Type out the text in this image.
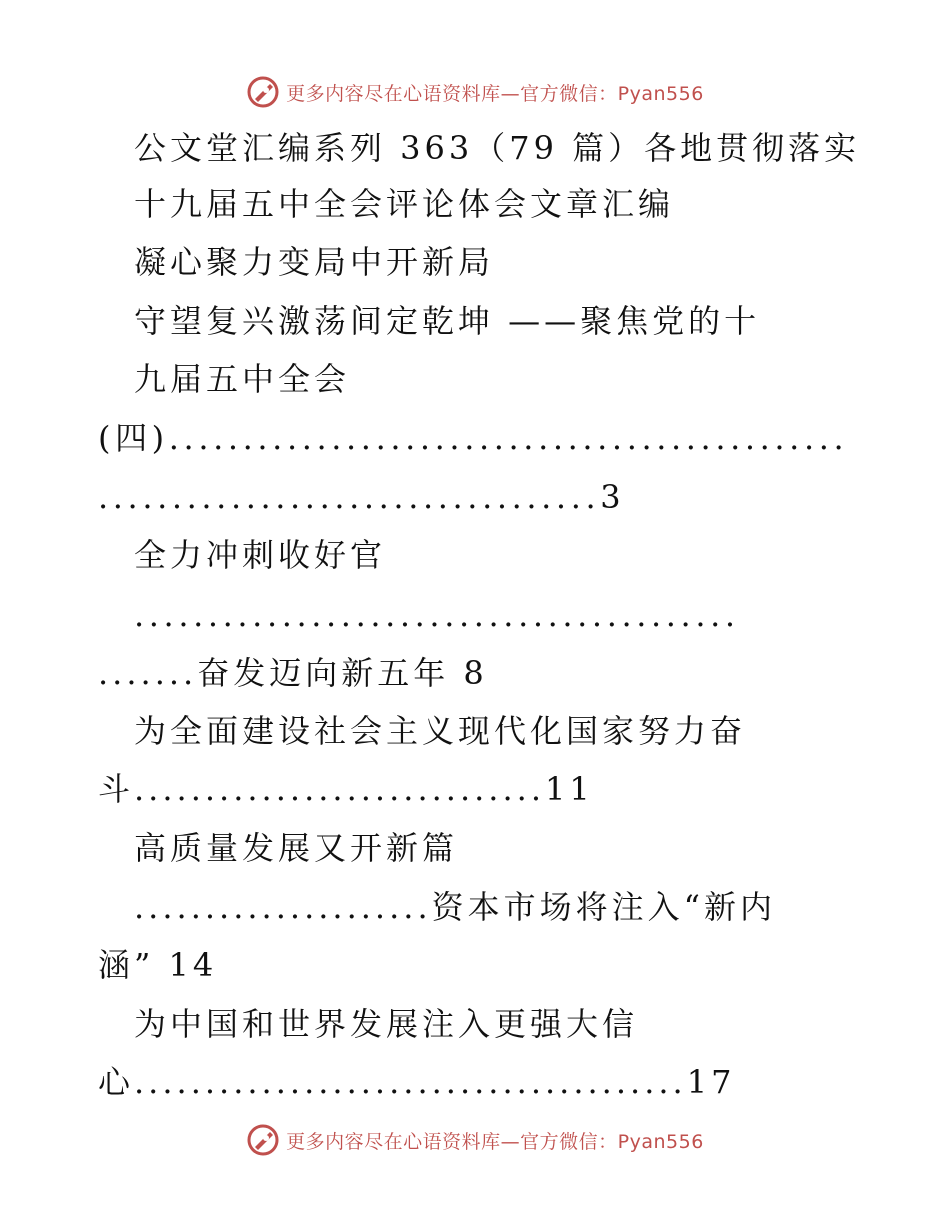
更多内容尽在心语资料库—官方微信：Pyan556
公文堂汇编系列 363（79 篇）各地贯彻落实
十九届五中全会评论体会文章汇编
凝心聚力变局中开新局
守望复兴激荡间定乾坤 ——聚焦党的十
九届五中全会
(四)..............................................
..................................3
全力冲刺收好官
.........................................
.......奋发迈向新五年 8
为全面建设社会主义现代化国家努力奋
斗.............................11
高质量发展又开新篇
.....................资本市场将注入“新内
涵” 14
为中国和世界发展注入更强大信
心.......................................17
更多内容尽在心语资料库—官方微信：Pyan556
